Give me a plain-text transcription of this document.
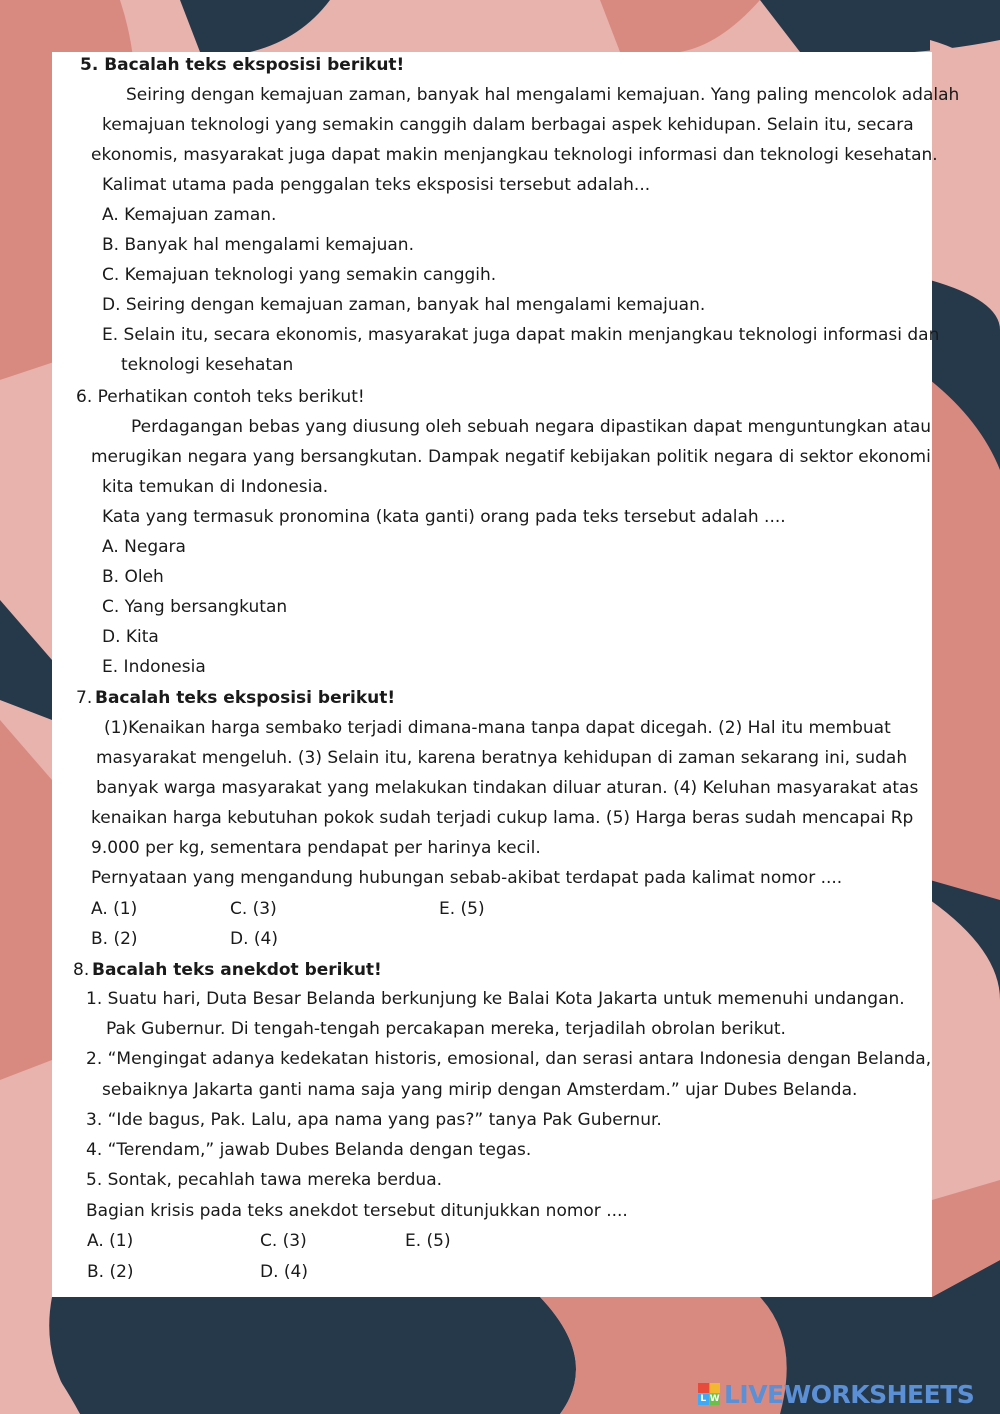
5. Bacalah teks eksposisi berikut!
Seiring dengan kemajuan zaman, banyak hal mengalami kemajuan. Yang paling mencolok adalah
kemajuan teknologi yang semakin canggih dalam berbagai aspek kehidupan. Selain itu, secara
ekonomis, masyarakat juga dapat makin menjangkau teknologi informasi dan teknologi kesehatan.
Kalimat utama pada penggalan teks eksposisi tersebut adalah...
A. Kemajuan zaman.
B. Banyak hal mengalami kemajuan.
C. Kemajuan teknologi yang semakin canggih.
D. Seiring dengan kemajuan zaman, banyak hal mengalami kemajuan.
E. Selain itu, secara ekonomis, masyarakat juga dapat makin menjangkau teknologi informasi dan
teknologi kesehatan
6. Perhatikan contoh teks berikut!
Perdagangan bebas yang diusung oleh sebuah negara dipastikan dapat menguntungkan atau
merugikan negara yang bersangkutan. Dampak negatif kebijakan politik negara di sektor ekonomi
kita temukan di Indonesia.
Kata yang termasuk pronomina (kata ganti) orang pada teks tersebut adalah ....
A. Negara
B. Oleh
C. Yang bersangkutan
D. Kita
E. Indonesia
7. Bacalah teks eksposisi berikut!
(1)Kenaikan harga sembako terjadi dimana-mana tanpa dapat dicegah. (2) Hal itu membuat
masyarakat mengeluh. (3) Selain itu, karena beratnya kehidupan di zaman sekarang ini, sudah
banyak warga masyarakat yang melakukan tindakan diluar aturan. (4) Keluhan masyarakat atas
kenaikan harga kebutuhan pokok sudah terjadi cukup lama. (5) Harga beras sudah mencapai Rp
9.000 per kg, sementara pendapat per harinya kecil.
Pernyataan yang mengandung hubungan sebab-akibat terdapat pada kalimat nomor ....
A. (1)	C. (3)	E. (5)
B. (2)	D. (4)
8. Bacalah teks anekdot berikut!
1. Suatu hari, Duta Besar Belanda berkunjung ke Balai Kota Jakarta untuk memenuhi undangan.
Pak Gubernur. Di tengah-tengah percakapan mereka, terjadilah obrolan berikut.
2. “Mengingat adanya kedekatan historis, emosional, dan serasi antara Indonesia dengan Belanda,
sebaiknya Jakarta ganti nama saja yang mirip dengan Amsterdam.” ujar Dubes Belanda.
3. “Ide bagus, Pak. Lalu, apa nama yang pas?” tanya Pak Gubernur.
4. “Terendam,” jawab Dubes Belanda dengan tegas.
5. Sontak, pecahlah tawa mereka berdua.
Bagian krisis pada teks anekdot tersebut ditunjukkan nomor ....
A. (1)	C. (3)	E. (5)
B. (2)	D. (4)
L W LIVEWORKSHEETS
